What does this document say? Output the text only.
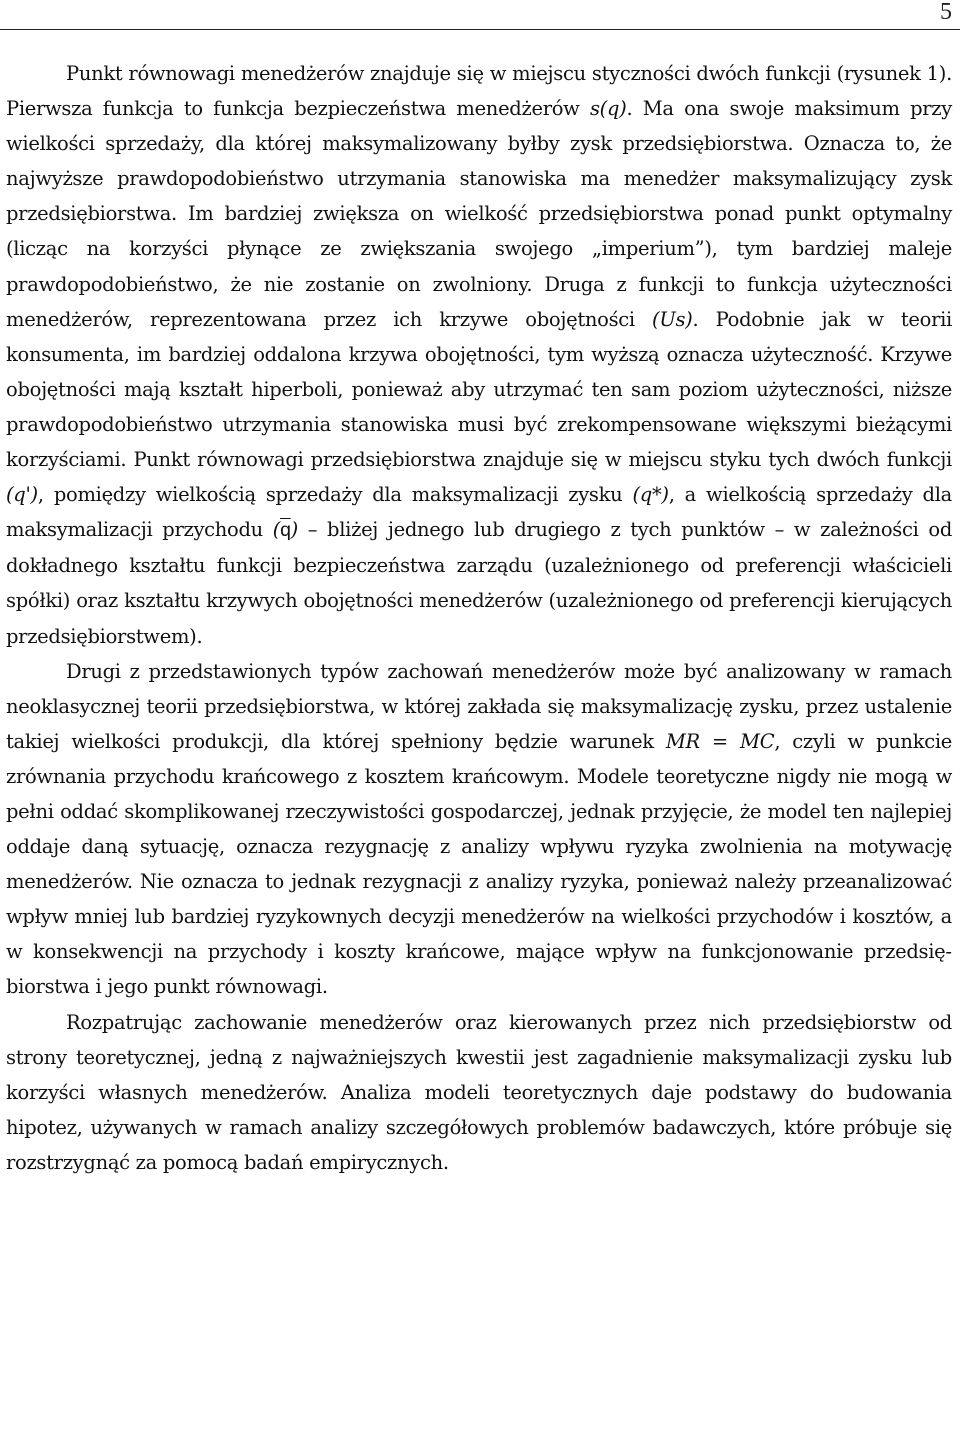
5

Punkt równowagi menedżerów znajduje się w miejscu styczności dwóch funkcji (rysunek 1). Pierwsza funkcja to funkcja bezpieczeństwa menedżerów s(q). Ma ona swoje maksimum przy wielkości sprzedaży, dla której maksymalizowany byłby zysk przedsiębiorstwa. Oznacza to, że najwyższe prawdopodobieństwo utrzymania stanowiska ma menedżer maksymalizujący zysk przedsiębiorstwa. Im bardziej zwiększa on wielkość przedsiębiorstwa ponad punkt optymalny (licząc na korzyści płynące ze zwiększania swojego „imperium”), tym bardziej maleje prawdopodobieństwo, że nie zostanie on zwolniony. Druga z funkcji to funkcja użyteczności menedżerów, reprezentowana przez ich krzywe obojętności (Us). Podobnie jak w teorii konsumenta, im bardziej oddalona krzywa obojętności, tym wyższą oznacza użyteczność. Krzywe obojętności mają kształt hiperboli, ponieważ aby utrzymać ten sam poziom użyteczności, niższe prawdopodobieństwo utrzymania stanowiska musi być zrekompensowane większymi bieżącymi korzyściami. Punkt równowagi przedsiębiorstwa znajduje się w miejscu styku tych dwóch funkcji (q'), pomiędzy wielkością sprzedaży dla maksymalizacji zysku (q*), a wielkością sprzedaży dla maksymalizacji przychodu $(\overline{q})$ – bliżej jednego lub drugiego z tych punktów – w zależności od dokładnego kształtu funkcji bezpieczeństwa zarządu (uzależnionego od preferencji właścicieli spółki) oraz kształtu krzywych obojętności menedżerów (uzależnionego od preferencji kierujących przedsiębiorstwem).

Drugi z przedstawionych typów zachowań menedżerów może być analizowany w ramach neoklasycznej teorii przedsiębiorstwa, w której zakłada się maksymalizację zysku, przez ustalenie takiej wielkości produkcji, dla której spełniony będzie warunek MR = MC, czyli w punkcie zrównania przychodu krańcowego z kosztem krańcowym. Modele teoretyczne nigdy nie mogą w pełni oddać skomplikowanej rzeczywistości gospodarczej, jednak przyjęcie, że model ten najlepiej oddaje daną sytuację, oznacza rezygnację z analizy wpływu ryzyka zwolnienia na motywację menedżerów. Nie oznacza to jednak rezygnacji z analizy ryzyka, ponieważ należy przeanalizować wpływ mniej lub bardziej ryzykownych decyzji menedżerów na wielkości przychodów i kosztów, a w konsekwencji na przychody i koszty krańcowe, mające wpływ na funkcjonowanie przedsiębiorstwa i jego punkt równowagi.

Rozpatrując zachowanie menedżerów oraz kierowanych przez nich przedsiębiorstw od strony teoretycznej, jedną z najważniejszych kwestii jest zagadnienie maksymalizacji zysku lub korzyści własnych menedżerów. Analiza modeli teoretycznych daje podstawy do budowania hipotez, używanych w ramach analizy szczegółowych problemów badawczych, które próbuje się rozstrzygnąć za pomocą badań empirycznych.
